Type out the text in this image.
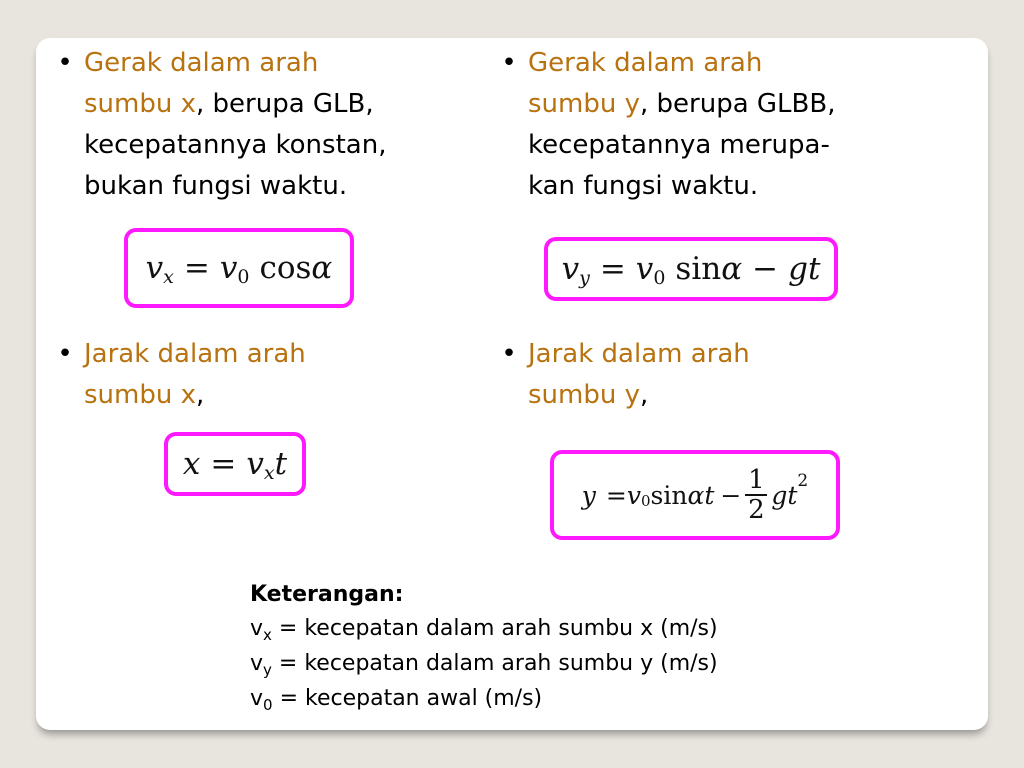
• Gerak dalam arah
sumbu x, berupa GLB,
kecepatannya konstan,
bukan fungsi waktu.
v x = v 0 cos α
• Jarak dalam arah
sumbu x,
x = v x t
• Gerak dalam arah
sumbu y, berupa GLBB,
kecepatannya merupa-
kan fungsi waktu.
v y = v 0 sin α − gt
• Jarak dalam arah
sumbu y,
y = v 0 sin α $t - \frac{1}{2}$ gt 2
Keterangan:
$v_x$ = kecepatan dalam arah sumbu x (m/s)
$v_y$ = kecepatan dalam arah sumbu y (m/s)
$v_0$ = kecepatan awal (m/s)
